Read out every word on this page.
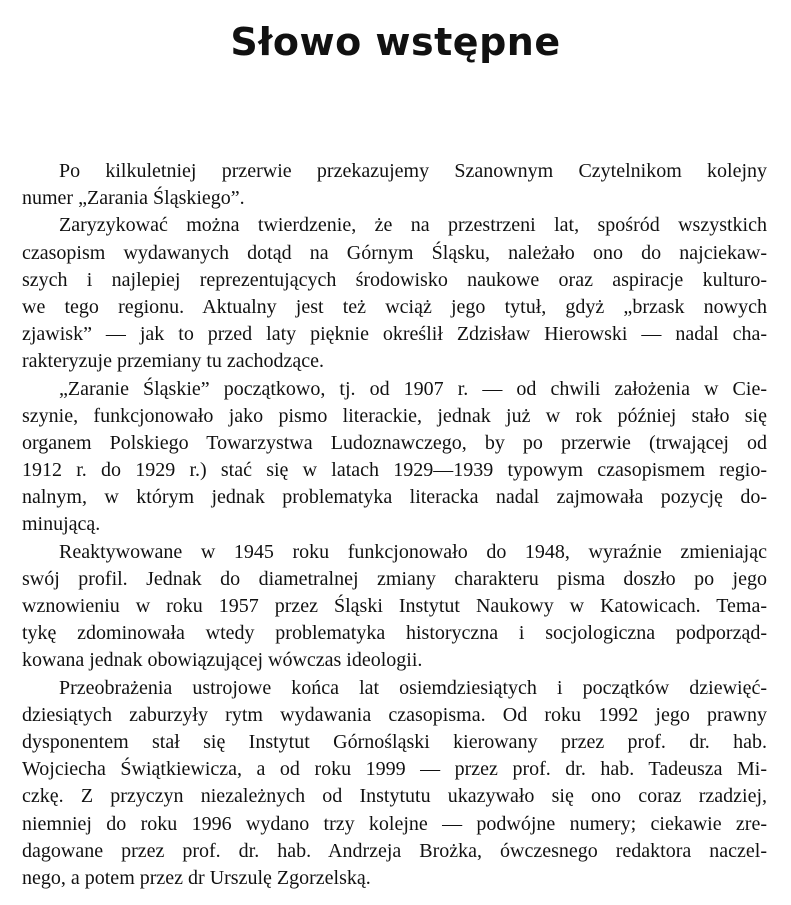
Słowo wstępne
Po kilkuletniej przerwie przekazujemy Szanownym Czytelnikom kolejny
numer „Zarania Śląskiego”.
Zaryzykować można twierdzenie, że na przestrzeni lat, spośród wszystkich
czasopism wydawanych dotąd na Górnym Śląsku, należało ono do najciekaw-
szych i najlepiej reprezentujących środowisko naukowe oraz aspiracje kulturo-
we tego regionu. Aktualny jest też wciąż jego tytuł, gdyż „brzask nowych
zjawisk” — jak to przed laty pięknie określił Zdzisław Hierowski — nadal cha-
rakteryzuje przemiany tu zachodzące.
„Zaranie Śląskie” początkowo, tj. od 1907 r. — od chwili założenia w Cie-
szynie, funkcjonowało jako pismo literackie, jednak już w rok później stało się
organem Polskiego Towarzystwa Ludoznawczego, by po przerwie (trwającej od
1912 r. do 1929 r.) stać się w latach 1929—1939 typowym czasopismem regio-
nalnym, w którym jednak problematyka literacka nadal zajmowała pozycję do-
minującą.
Reaktywowane w 1945 roku funkcjonowało do 1948, wyraźnie zmieniając
swój profil. Jednak do diametralnej zmiany charakteru pisma doszło po jego
wznowieniu w roku 1957 przez Śląski Instytut Naukowy w Katowicach. Tema-
tykę zdominowała wtedy problematyka historyczna i socjologiczna podporząd-
kowana jednak obowiązującej wówczas ideologii.
Przeobrażenia ustrojowe końca lat osiemdziesiątych i początków dziewięć-
dziesiątych zaburzyły rytm wydawania czasopisma. Od roku 1992 jego prawny
dysponentem stał się Instytut Górnośląski kierowany przez prof. dr. hab.
Wojciecha Świątkiewicza, a od roku 1999 — przez prof. dr. hab. Tadeusza Mi-
czkę. Z przyczyn niezależnych od Instytutu ukazywało się ono coraz rzadziej,
niemniej do roku 1996 wydano trzy kolejne — podwójne numery; ciekawie zre-
dagowane przez prof. dr. hab. Andrzeja Brożka, ówczesnego redaktora naczel-
nego, a potem przez dr Urszulę Zgorzelską.
